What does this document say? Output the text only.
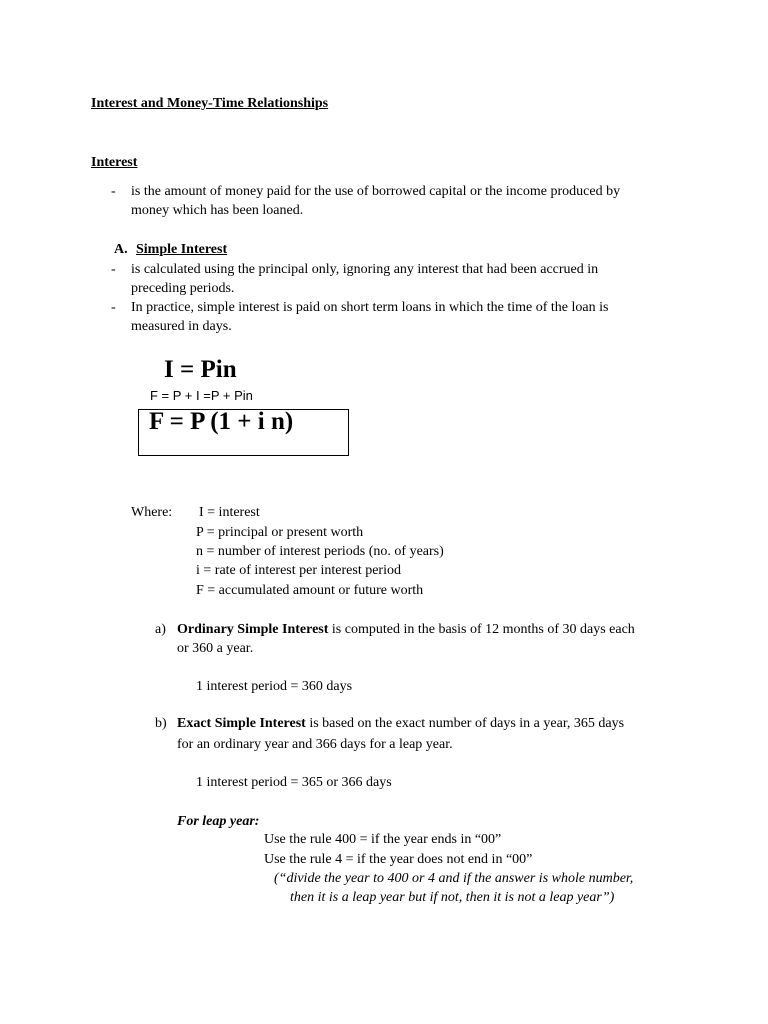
Interest and Money-Time Relationships
Interest
- is the amount of money paid for the use of borrowed capital or the income produced by
money which has been loaned.
A. Simple Interest
- is calculated using the principal only, ignoring any interest that had been accrued in
preceding periods.
- In practice, simple interest is paid on short term loans in which the time of the loan is
measured in days.
I = Pin
F = P + I =P + Pin
F = P (1 + i n)
Where: I = interest
P = principal or present worth
n = number of interest periods (no. of years)
i = rate of interest per interest period
F = accumulated amount or future worth
a) Ordinary Simple Interest is computed in the basis of 12 months of 30 days each
or 360 a year.
1 interest period = 360 days
b) Exact Simple Interest is based on the exact number of days in a year, 365 days
for an ordinary year and 366 days for a leap year.
1 interest period = 365 or 366 days
For leap year:
Use the rule 400 = if the year ends in “00”
Use the rule 4 = if the year does not end in “00”
(“divide the year to 400 or 4 and if the answer is whole number,
then it is a leap year but if not, then it is not a leap year”)
